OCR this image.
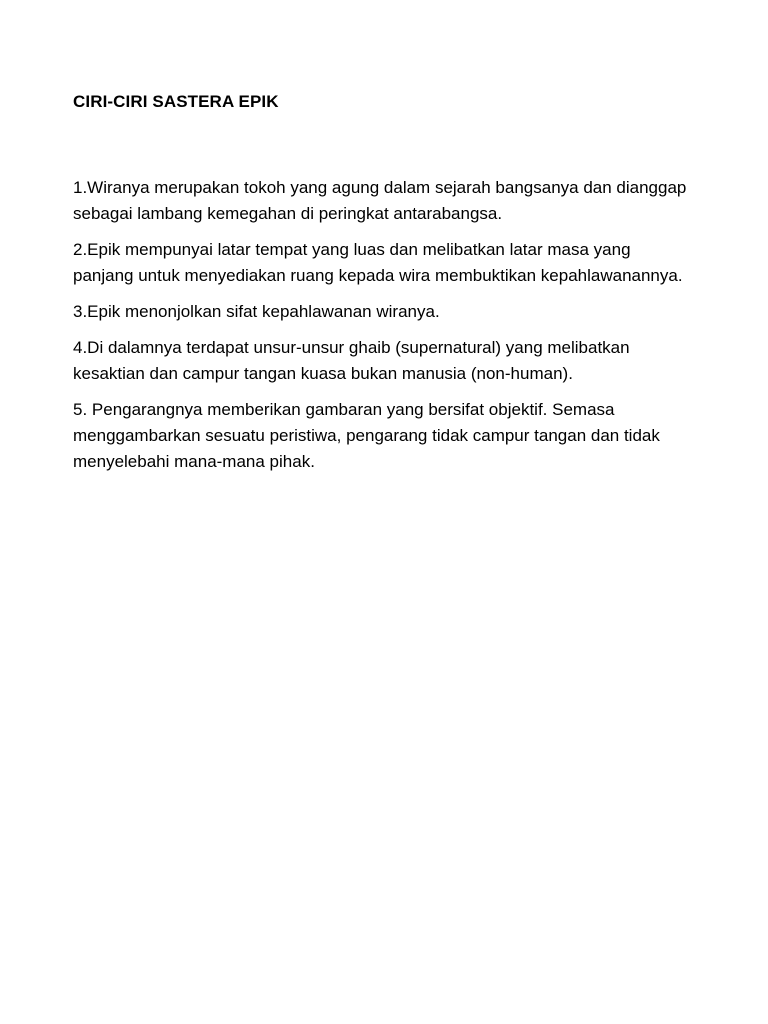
CIRI-CIRI SASTERA EPIK
1.Wiranya merupakan tokoh yang agung dalam sejarah bangsanya dan dianggap sebagai lambang kemegahan di peringkat antarabangsa.
2.Epik mempunyai latar tempat yang luas dan melibatkan latar masa yang panjang untuk menyediakan ruang kepada wira membuktikan kepahlawanannya.
3.Epik menonjolkan sifat kepahlawanan wiranya.
4.Di dalamnya terdapat unsur-unsur ghaib (supernatural) yang melibatkan kesaktian dan campur tangan kuasa bukan manusia (non-human).
5. Pengarangnya memberikan gambaran yang bersifat objektif. Semasa menggambarkan sesuatu peristiwa, pengarang tidak campur tangan dan tidak menyelebahi mana-mana pihak.
